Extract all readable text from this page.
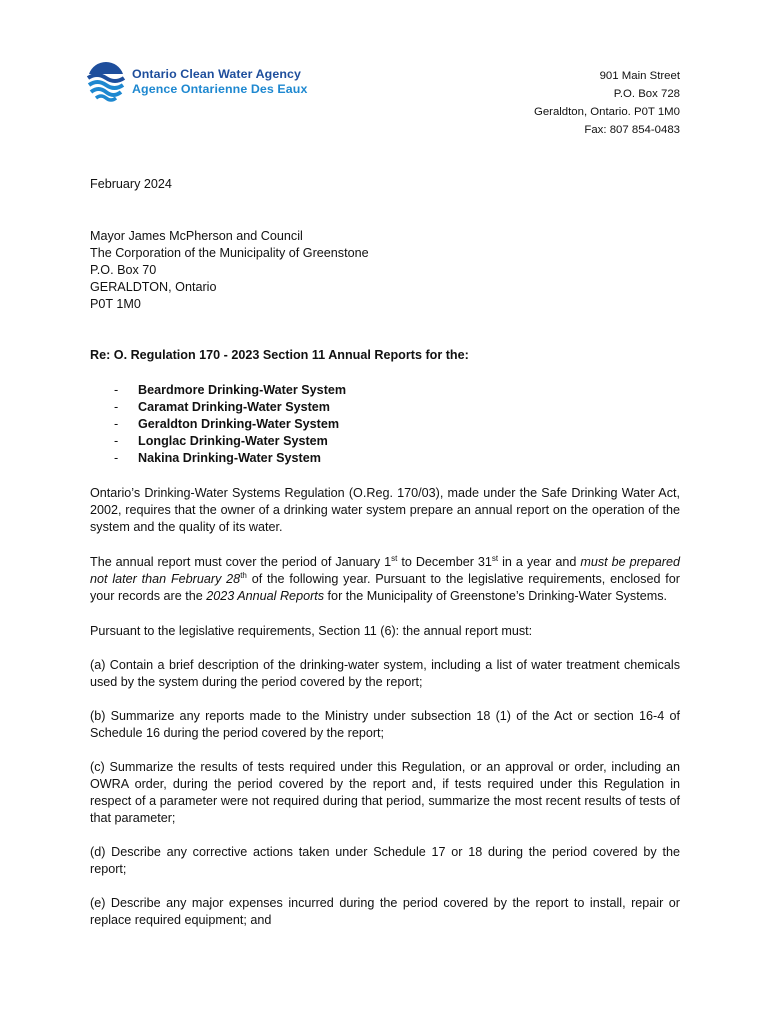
Ontario Clean Water Agency
Agence Ontarienne Des Eaux
901 Main Street
P.O. Box 728
Geraldton, Ontario. P0T 1M0
Fax: 807 854-0483

February 2024

Mayor James McPherson and Council

The Corporation of the Municipality of Greenstone

P.O. Box 70

GERALDTON, Ontario

P0T 1M0

Re: O. Regulation 170 - 2023 Section 11 Annual Reports for the:

-	Beardmore Drinking-Water System
-	Caramat Drinking-Water System
-	Geraldton Drinking-Water System
-	Longlac Drinking-Water System
-	Nakina Drinking-Water System

Ontario’s Drinking-Water Systems Regulation (O.Reg. 170/03), made under the Safe Drinking Water Act, 2002, requires that the owner of a drinking water system prepare an annual report on the operation of the system and the quality of its water.

The annual report must cover the period of January 1st to December 31st in a year and must be prepared not later than February 28th of the following year. Pursuant to the legislative requirements, enclosed for your records are the 2023 Annual Reports for the Municipality of Greenstone’s Drinking-Water Systems.

Pursuant to the legislative requirements, Section 11 (6): the annual report must:

(a) Contain a brief description of the drinking-water system, including a list of water treatment chemicals used by the system during the period covered by the report;

(b) Summarize any reports made to the Ministry under subsection 18 (1) of the Act or section 16-4 of Schedule 16 during the period covered by the report;

(c) Summarize the results of tests required under this Regulation, or an approval or order, including an OWRA order, during the period covered by the report and, if tests required under this Regulation in respect of a parameter were not required during that period, summarize the most recent results of tests of that parameter;

(d) Describe any corrective actions taken under Schedule 17 or 18 during the period covered by the report;

(e) Describe any major expenses incurred during the period covered by the report to install, repair or replace required equipment; and
